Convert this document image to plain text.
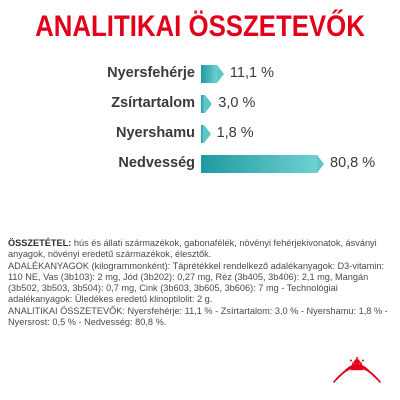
ANALITIKAI ÖSSZETEVŐK
Nyersfehérje 11,1 %
Zsírtartalom 3,0 %
Nyershamu 1,8 %
Nedvesség	80,8 %
ÖSSZETÉTEL: hús és állati származékok, gabonafélék, növényi fehérjekivonatok, ásványi anyagok, növényi eredetű származékok, élesztők.
ADALÉKANYAGOK (kilogrammonként): Táprétékkel rendelkező adalékanyagok: D3-vitamin: 110 NE, Vas (3b103): 2 mg, Jód (3b202): 0,27 mg, Réz (3b405, 3b406): 2,1 mg, Mangán (3b502, 3b503, 3b504): 0,7 mg, Cink (3b603, 3b605, 3b606): 7 mg - Technológiai adalékanyagok: Üledékes eredetű klinoptilolit: 2 g.
ANALITIKAI ÖSSZETEVŐK: Nyersfehérje: 11,1 % - Zsírtartalom: 3,0 % - Nyershamu: 1,8 % - Nyersrost: 0,5 % - Nedvesség: 80,8 %.
